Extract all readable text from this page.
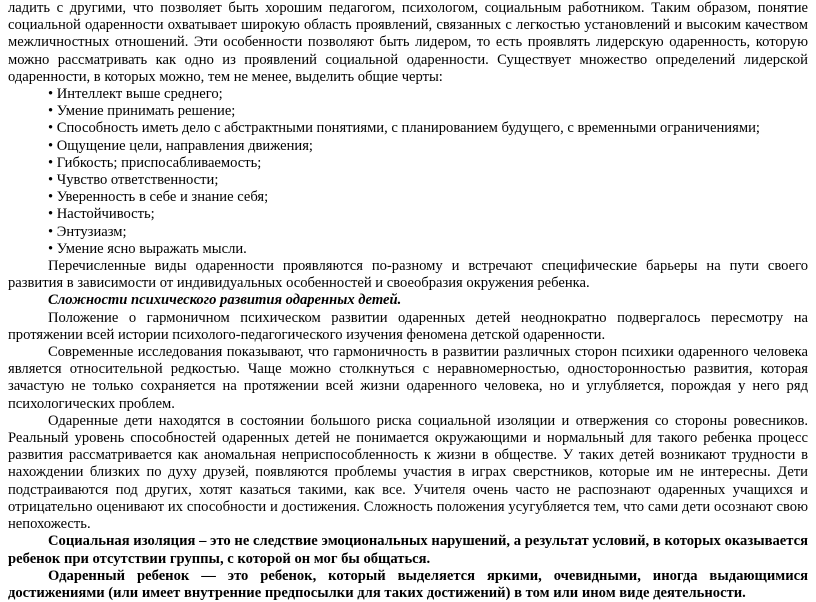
ладить с другими, что позволяет быть хорошим педагогом, психологом, социальным работником. Таким образом, понятие социальной одаренности охватывает широкую область проявлений, связанных с легкостью установлений и высоким качеством межличностных отношений. Эти особенности позволяют быть лидером, то есть проявлять лидерскую одаренность, которую можно рассматривать как одно из проявлений социальной одаренности. Существует множество определений лидерской одаренности, в которых можно, тем не менее, выделить общие черты:

• Интеллект выше среднего;
• Умение принимать решение;
• Способность иметь дело с абстрактными понятиями, с планированием будущего, с временными ограничениями;
• Ощущение цели, направления движения;
• Гибкость; приспосабливаемость;
• Чувство ответственности;
• Уверенность в себе и знание себя;
• Настойчивость;
• Энтузиазм;
• Умение ясно выражать мысли.

Перечисленные виды одаренности проявляются по-разному и встречают специфические барьеры на пути своего развития в зависимости от индивидуальных особенностей и своеобразия окружения ребенка.

Сложности психического развития одаренных детей.

Положение о гармоничном психическом развитии одаренных детей неоднократно подвергалось пересмотру на протяжении всей истории психолого-педагогического изучения феномена детской одаренности.

Современные исследования показывают, что гармоничность в развитии различных сторон психики одаренного человека является относительной редкостью. Чаще можно столкнуться с неравномерностью, односторонностью развития, которая зачастую не только сохраняется на протяжении всей жизни одаренного человека, но и углубляется, порождая у него ряд психологических проблем.

Одаренные дети находятся в состоянии большого риска социальной изоляции и отвержения со стороны ровесников. Реальный уровень способностей одаренных детей не понимается окружающими и нормальный для такого ребенка процесс развития рассматривается как аномальная неприспособленность к жизни в обществе. У таких детей возникают трудности в нахождении близких по духу друзей, появляются проблемы участия в играх сверстников, которые им не интересны. Дети подстраиваются под других, хотят казаться такими, как все. Учителя очень часто не распознают одаренных учащихся и отрицательно оценивают их способности и достижения. Сложность положения усугубляется тем, что сами дети осознают свою непохожесть.

Социальная изоляция – это не следствие эмоциональных нарушений, а результат условий, в которых оказывается ребенок при отсутствии группы, с которой он мог бы общаться.

Одаренный ребенок — это ребенок, который выделяется яркими, очевидными, иногда выдающимися достижениями (или имеет внутренние предпосылки для таких достижений) в том или ином виде деятельности.
